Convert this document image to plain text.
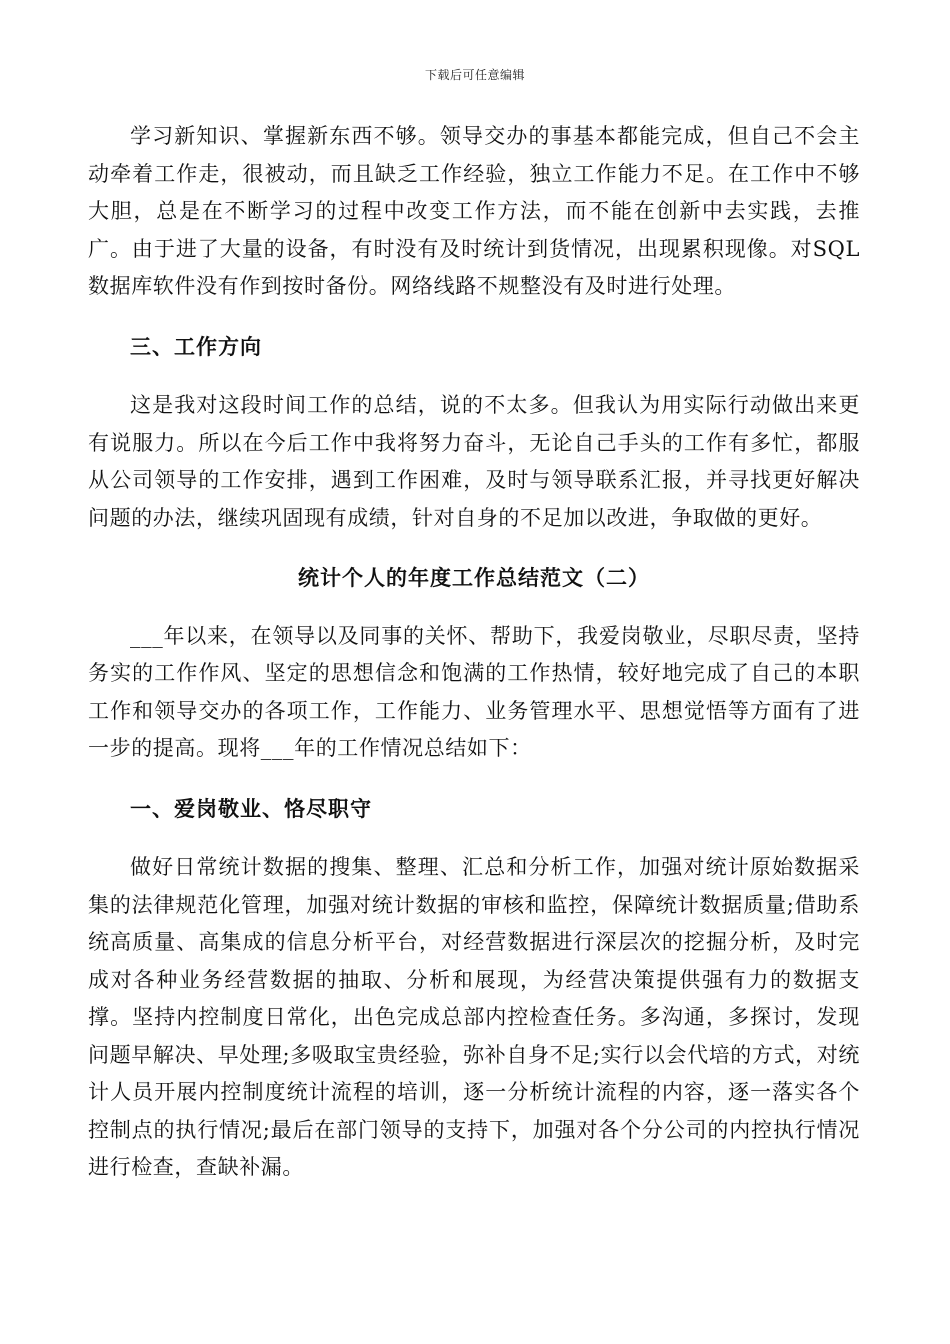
下载后可任意编辑

学习新知识、掌握新东西不够。领导交办的事基本都能完成，但自己不会主动牵着工作走，很被动，而且缺乏工作经验，独立工作能力不足。在工作中不够大胆，总是在不断学习的过程中改变工作方法，而不能在创新中去实践，去推广。由于进了大量的设备，有时没有及时统计到货情况，出现累积现像。对SQL数据库软件没有作到按时备份。网络线路不规整没有及时进行处理。

三、工作方向

这是我对这段时间工作的总结，说的不太多。但我认为用实际行动做出来更有说服力。所以在今后工作中我将努力奋斗，无论自己手头的工作有多忙，都服从公司领导的工作安排，遇到工作困难，及时与领导联系汇报，并寻找更好解决问题的办法，继续巩固现有成绩，针对自身的不足加以改进，争取做的更好。

统计个人的年度工作总结范文（二）

___年以来，在领导以及同事的关怀、帮助下，我爱岗敬业，尽职尽责，坚持务实的工作作风、坚定的思想信念和饱满的工作热情，较好地完成了自己的本职工作和领导交办的各项工作，工作能力、业务管理水平、思想觉悟等方面有了进一步的提高。现将___年的工作情况总结如下：

一、爱岗敬业、恪尽职守

做好日常统计数据的搜集、整理、汇总和分析工作，加强对统计原始数据采集的法律规范化管理，加强对统计数据的审核和监控，保障统计数据质量;借助系统高质量、高集成的信息分析平台，对经营数据进行深层次的挖掘分析，及时完成对各种业务经营数据的抽取、分析和展现，为经营决策提供强有力的数据支撑。坚持内控制度日常化，出色完成总部内控检查任务。多沟通，多探讨，发现问题早解决、早处理;多吸取宝贵经验，弥补自身不足;实行以会代培的方式，对统计人员开展内控制度统计流程的培训，逐一分析统计流程的内容，逐一落实各个控制点的执行情况;最后在部门领导的支持下，加强对各个分公司的内控执行情况进行检查，查缺补漏。
